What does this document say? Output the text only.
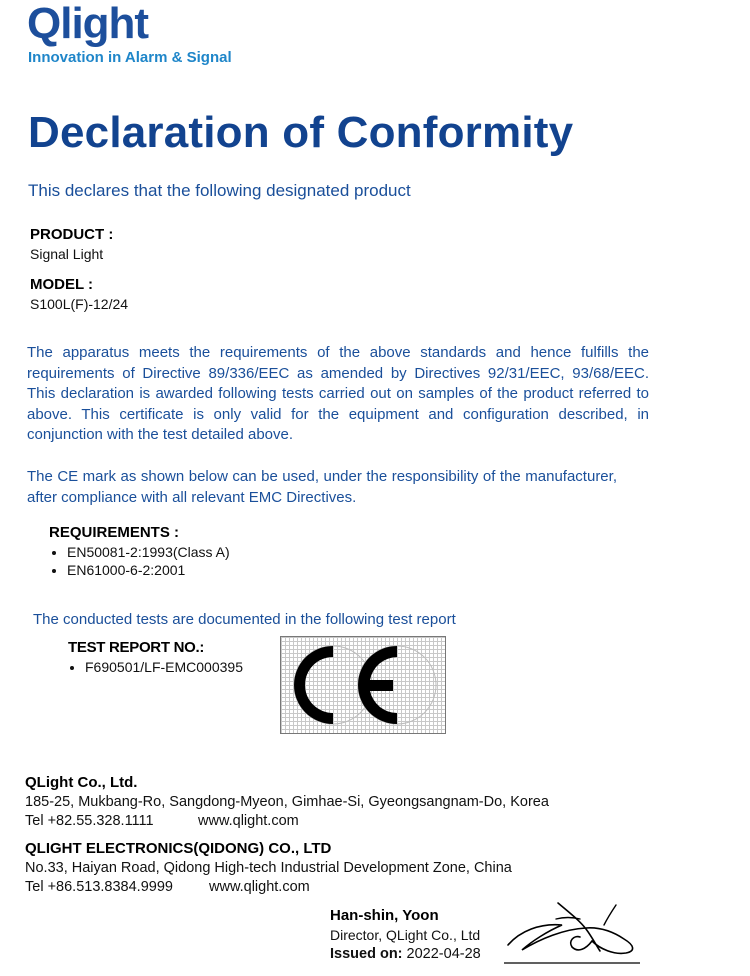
Qlight
Innovation in Alarm & Signal
Declaration of Conformity
This declares that the following designated product
PRODUCT :
Signal Light
MODEL :
S100L(F)-12/24
The apparatus meets the requirements of the above standards and hence fulfills the requirements of Directive 89/336/EEC as amended by Directives 92/31/EEC, 93/68/EEC. This declaration is awarded following tests carried out on samples of the product referred to above. This certificate is only valid for the equipment and configuration described, in conjunction with the test detailed above.
The CE mark as shown below can be used, under the responsibility of the manufacturer, after compliance with all relevant EMC Directives.
REQUIREMENTS :
• EN50081-2:1993(Class A)
• EN61000-6-2:2001
The conducted tests are documented in the following test report
TEST REPORT NO.:
• F690501/LF-EMC000395
QLight Co., Ltd.
185-25, Mukbang-Ro, Sangdong-Myeon, Gimhae-Si, Gyeongsangnam-Do, Korea
Tel +82.55.328.1111	www.qlight.com
QLIGHT ELECTRONICS(QIDONG) CO., LTD
No.33, Haiyan Road, Qidong High-tech Industrial Development Zone, China
Tel +86.513.8384.9999 www.qlight.com
Han-shin, Yoon
Director, QLight Co., Ltd
Issued on: 2022-04-28
